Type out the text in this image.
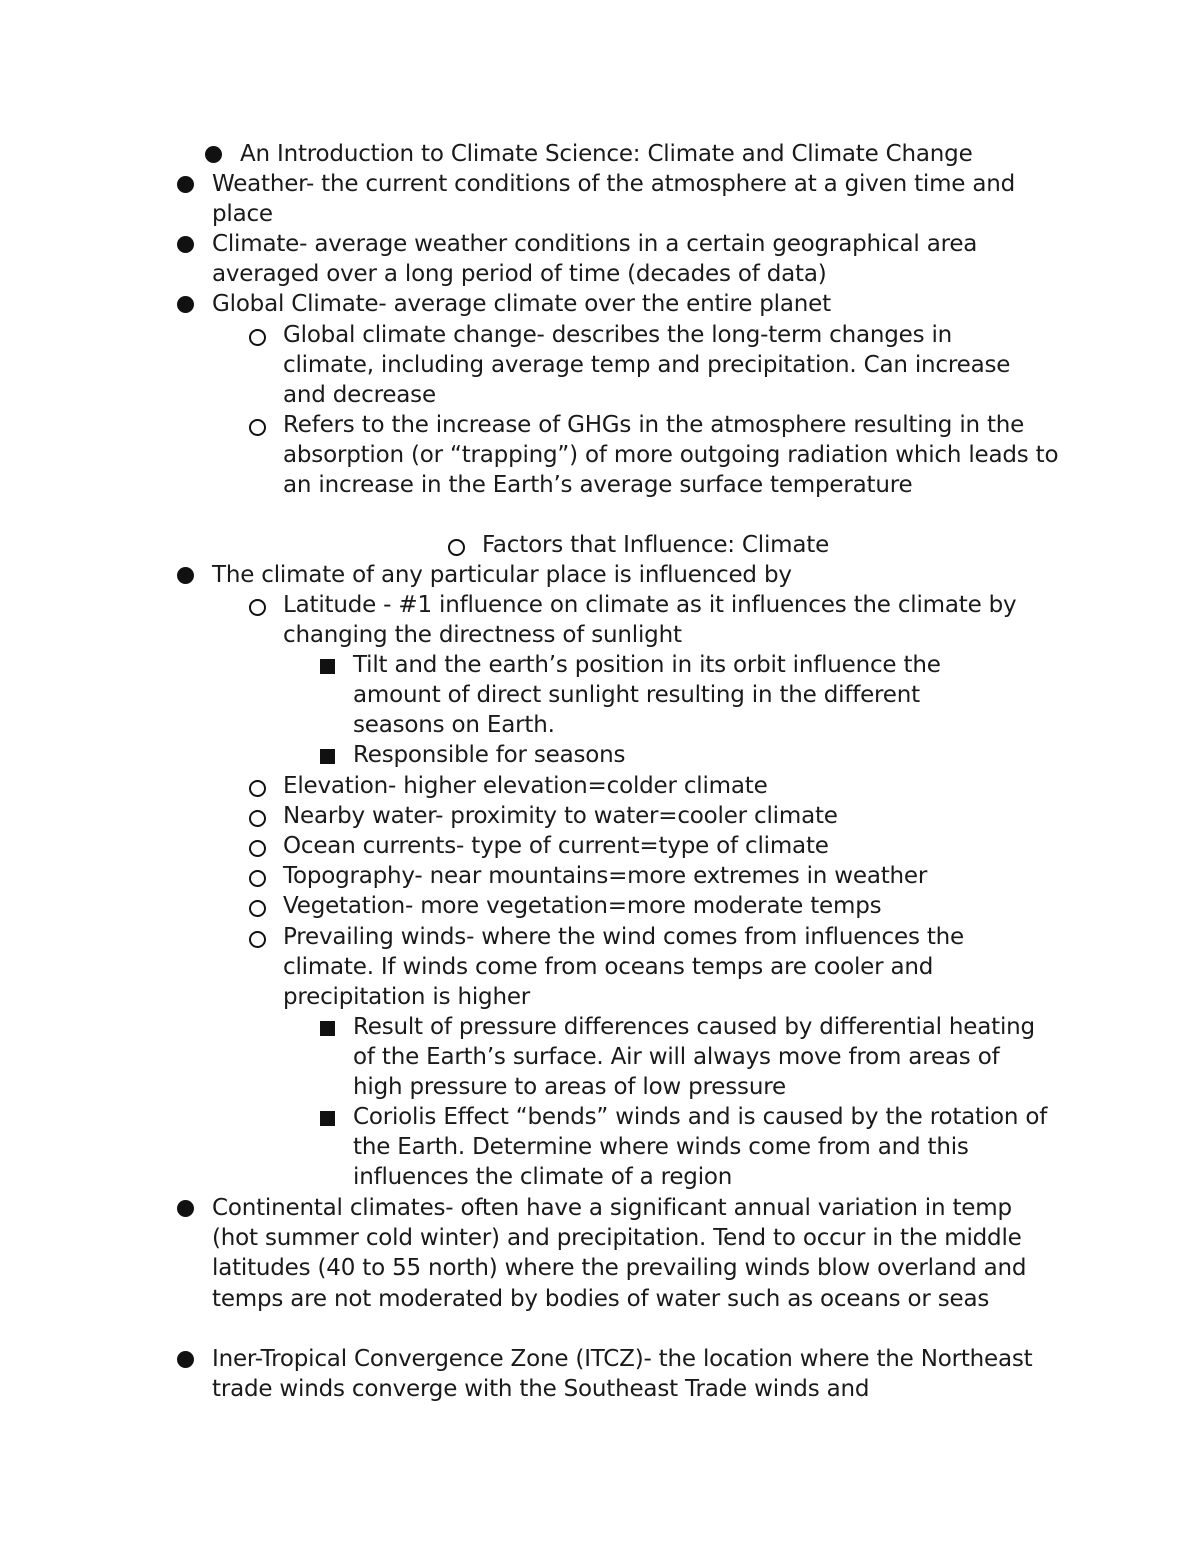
An Introduction to Climate Science: Climate and Climate Change
Weather- the current conditions of the atmosphere at a given time and place
Climate- average weather conditions in a certain geographical area averaged over a long period of time (decades of data)
Global Climate- average climate over the entire planet
Global climate change- describes the long-term changes in climate, including average temp and precipitation. Can increase and decrease
Refers to the increase of GHGs in the atmosphere resulting in the absorption (or “trapping”) of more outgoing radiation which leads to an increase in the Earth’s average surface temperature
Factors that Influence: Climate
The climate of any particular place is influenced by
Latitude - #1 influence on climate as it influences the climate by changing the directness of sunlight
Tilt and the earth’s position in its orbit influence the amount of direct sunlight resulting in the different seasons on Earth.
Responsible for seasons
Elevation- higher elevation=colder climate
Nearby water- proximity to water=cooler climate
Ocean currents- type of current=type of climate
Topography- near mountains=more extremes in weather
Vegetation- more vegetation=more moderate temps
Prevailing winds- where the wind comes from influences the climate. If winds come from oceans temps are cooler and precipitation is higher
Result of pressure differences caused by differential heating of the Earth’s surface. Air will always move from areas of high pressure to areas of low pressure
Coriolis Effect “bends” winds and is caused by the rotation of the Earth. Determine where winds come from and this influences the climate of a region
Continental climates- often have a significant annual variation in temp (hot summer cold winter) and precipitation. Tend to occur in the middle latitudes (40 to 55 north) where the prevailing winds blow overland and temps are not moderated by bodies of water such as oceans or seas
Iner-Tropical Convergence Zone (ITCZ)- the location where the Northeast trade winds converge with the Southeast Trade winds and
